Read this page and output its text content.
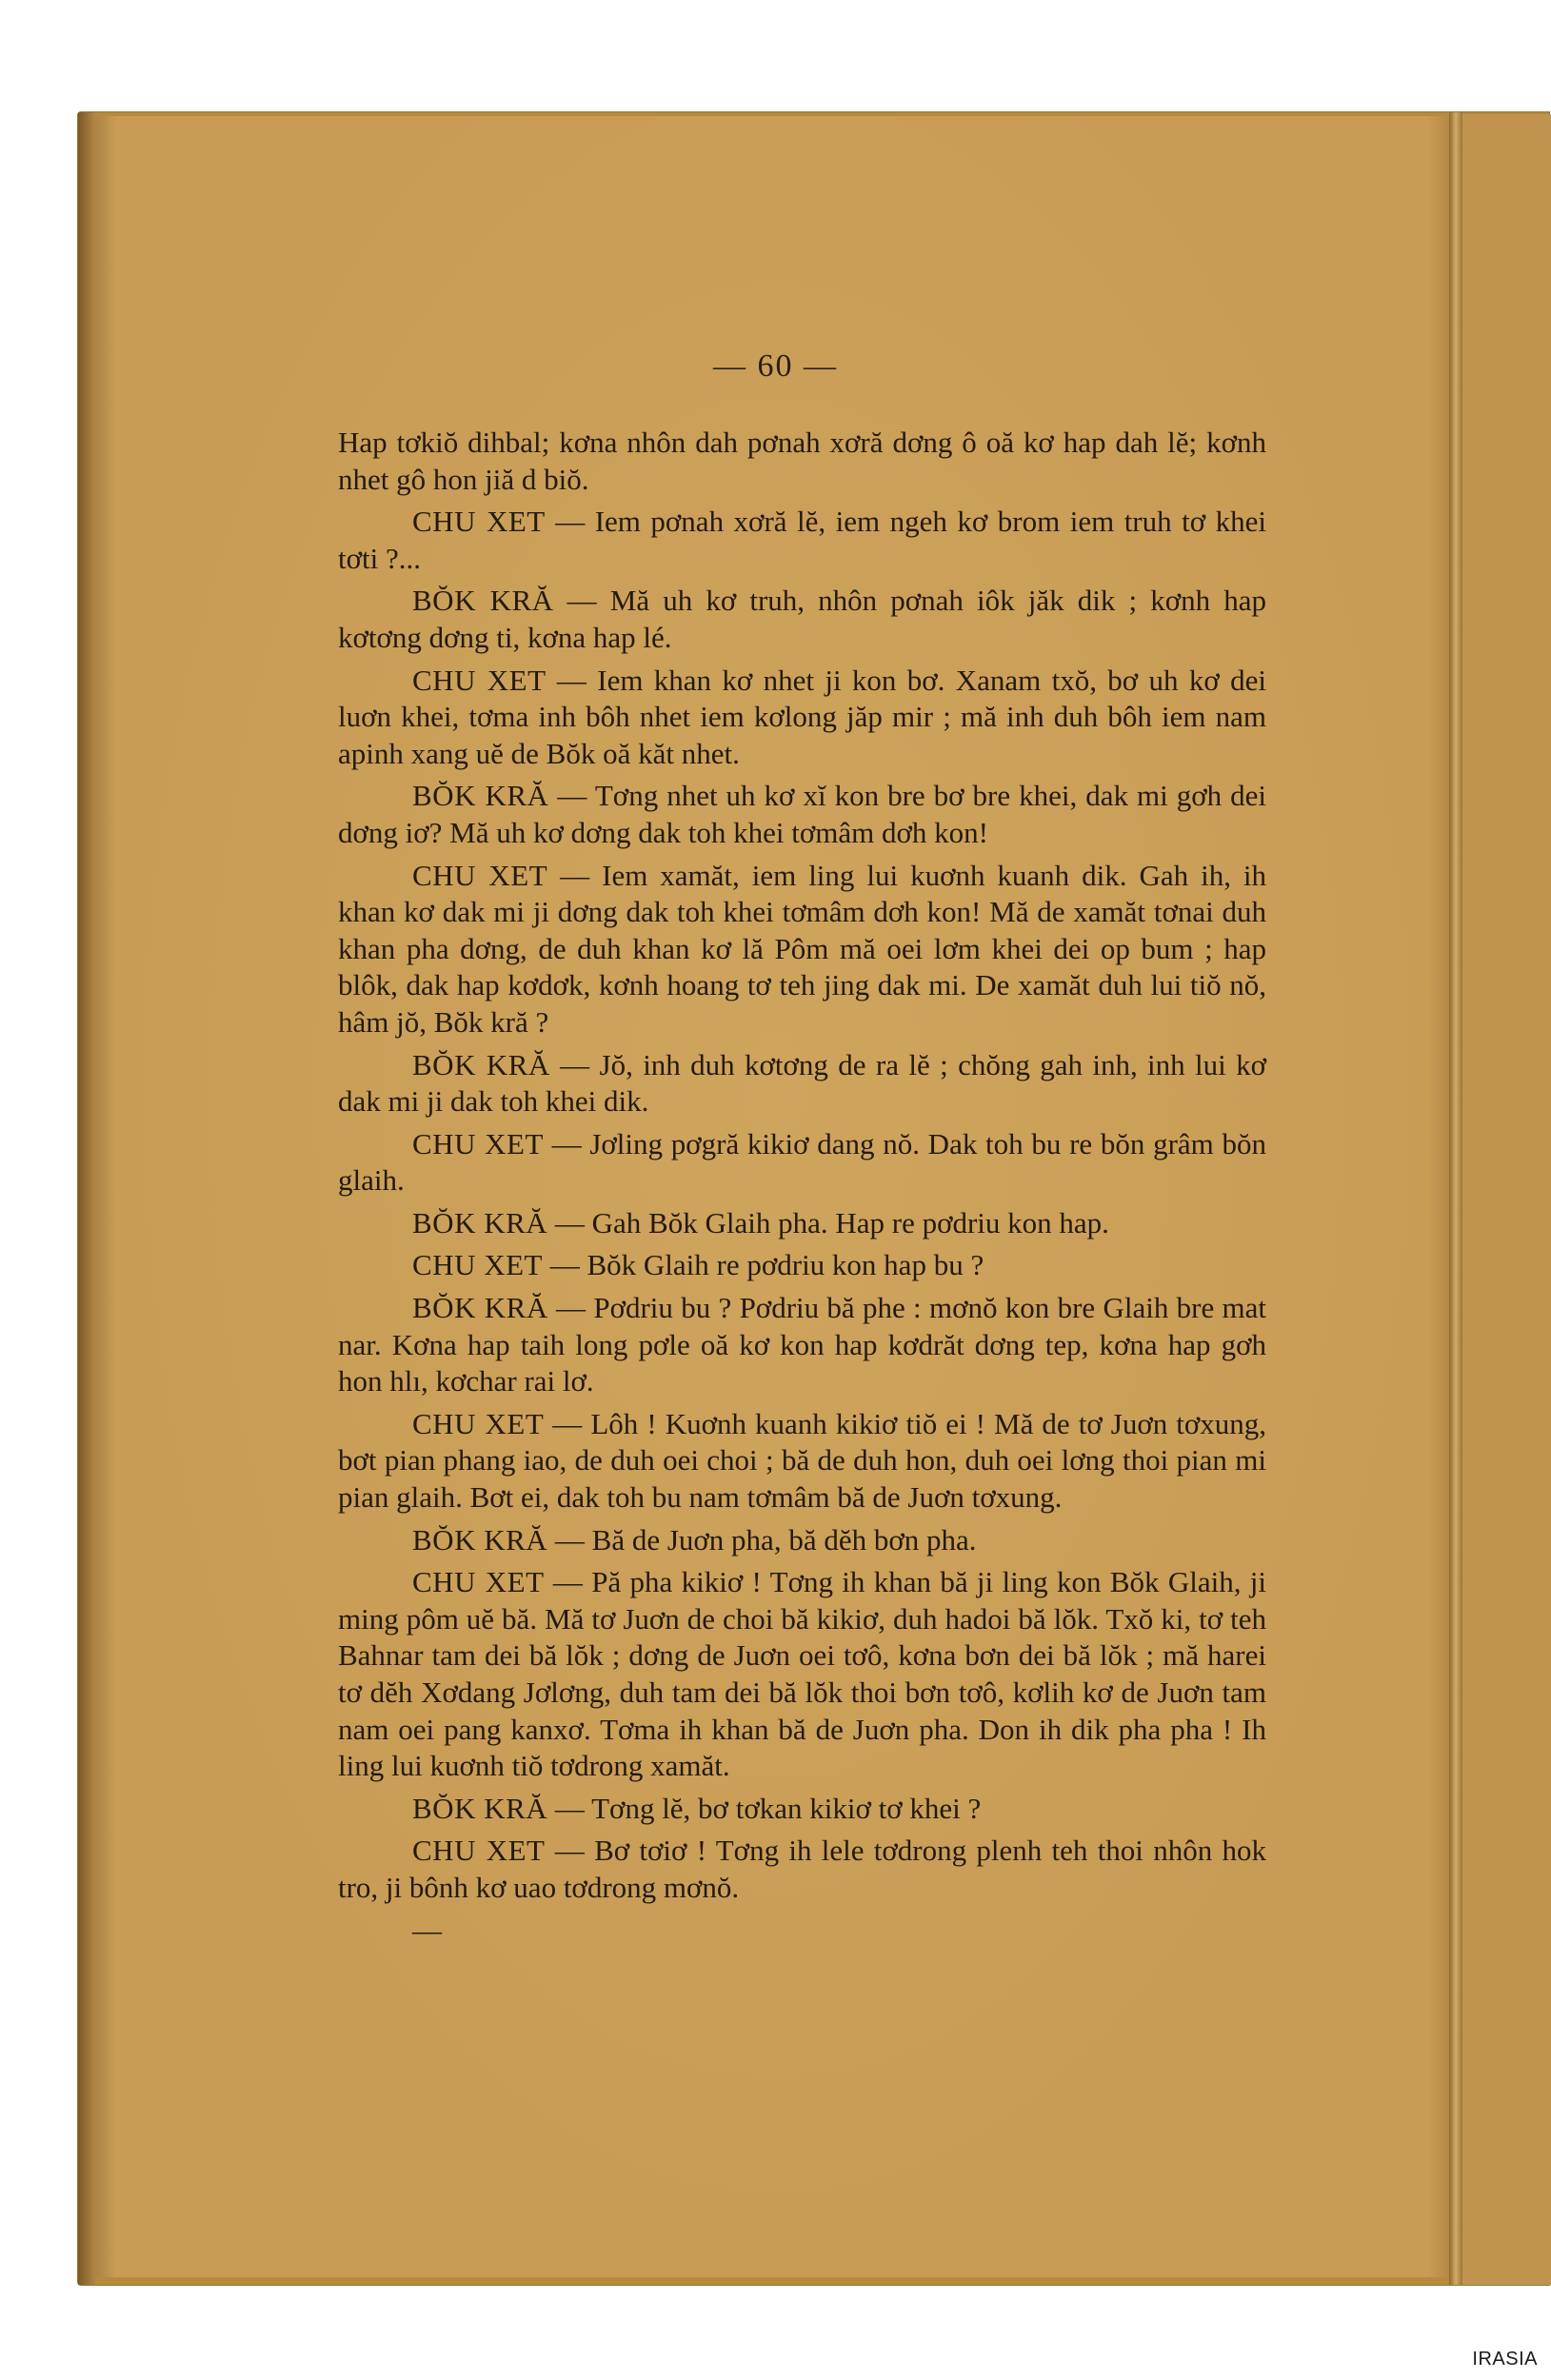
— 60 —

Hap tơkiŏ dihbal; kơna nhôn dah pơnah xơră dơng ô oă kơ hap dah lĕ; kơnh nhet gô hon jiă d biŏ.

CHU XET — Iem pơnah xơră lĕ, iem ngeh kơ brom iem truh tơ khei tơti ?...

BŎK KRĂ — Mă uh kơ truh, nhôn pơnah iôk jăk dik ; kơnh hap kơtơng dơng ti, kơna hap lé.

CHU XET — Iem khan kơ nhet ji kon bơ. Xanam txŏ, bơ uh kơ dei luơn khei, tơma inh bôh nhet iem kơlong jăp mir ; mă inh duh bôh iem nam apinh xang uĕ de Bŏk oă kăt nhet.

BŎK KRĂ — Tơng nhet uh kơ xĭ kon bre bơ bre khei, dak mi gơh dei dơng iơ? Mă uh kơ dơng dak toh khei tơmâm dơh kon!

CHU XET — Iem xamăt, iem ling lui kuơnh kuanh dik. Gah ih, ih khan kơ dak mi ji dơng dak toh khei tơmâm dơh kon! Mă de xamăt tơnai duh khan pha dơng, de duh khan kơ lă Pôm mă oei lơm khei dei op bum ; hap blôk, dak hap kơdơk, kơnh hoang tơ teh jing dak mi. De xamăt duh lui tiŏ nŏ, hâm jŏ, Bŏk kră ?

BŎK KRĂ — Jŏ, inh duh kơtơng de ra lĕ ; chŏng gah inh, inh lui kơ dak mi ji dak toh khei dik.

CHU XET — Jơling pơgră kikiơ dang nŏ. Dak toh bu re bŏn grâm bŏn glaih.

BŎK KRĂ — Gah Bŏk Glaih pha. Hap re pơdriu kon hap.

CHU XET — Bŏk Glaih re pơdriu kon hap bu ?

BŎK KRĂ — Pơdriu bu ? Pơdriu bă phe : mơnŏ kon bre Glaih bre mat nar. Kơna hap taih long pơle oă kơ kon hap kơdrăt dơng tep, kơna hap gơh hon hlı, kơchar rai lơ.

CHU XET — Lôh ! Kuơnh kuanh kikiơ tiŏ ei ! Mă de tơ Juơn tơxung, bơt pian phang iao, de duh oei choi ; bă de duh hon, duh oei lơng thoi pian mi pian glaih. Bơt ei, dak toh bu nam tơmâm bă de Juơn tơxung.

BŎK KRĂ — Bă de Juơn pha, bă dĕh bơn pha.

CHU XET — Pă pha kikiơ ! Tơng ih khan bă ji ling kon Bŏk Glaih, ji ming pôm uĕ bă. Mă tơ Juơn de choi bă kikiơ, duh hadoi bă lŏk. Txŏ ki, tơ teh Bahnar tam dei bă lŏk ; dơng de Juơn oei tơô, kơna bơn dei bă lŏk ; mă harei tơ dĕh Xơdang Jơlơng, duh tam dei bă lŏk thoi bơn tơô, kơlih kơ de Juơn tam nam oei pang kanxơ. Tơma ih khan bă de Juơn pha. Don ih dik pha pha ! Ih ling lui kuơnh tiŏ tơdrong xamăt.

BŎK KRĂ — Tơng lĕ, bơ tơkan kikiơ tơ khei ?

CHU XET — Bơ tơiơ ! Tơng ih lele tơdrong plenh teh thoi nhôn hok tro, ji bônh kơ uao tơdrong mơnŏ.

—

IRASIA
